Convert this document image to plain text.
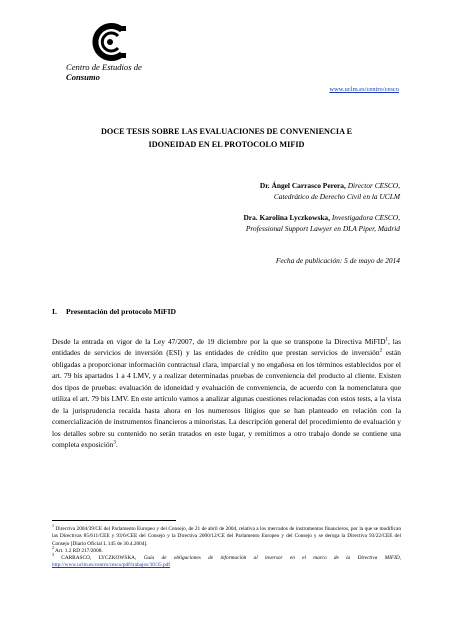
Centro de Estudios de
Consumo
www.uclm.es/centro/cesco
DOCE TESIS SOBRE LAS EVALUACIONES DE CONVENIENCIA E
IDONEIDAD EN EL PROTOCOLO MIFID
Dr. Ángel Carrasco Perera, Director CESCO,
Catedrático de Derecho Civil en la UCLM
Dra. Karolina Lyczkowska, Investigadora CESCO,
Professional Support Lawyer en DLA Piper, Madrid
Fecha de publicación: 5 de mayo de 2014
I. Presentación del protocolo MiFID
Desde la entrada en vigor de la Ley 47/2007, de 19 diciembre por la que se transpone la Directiva MiFID$^1$, las entidades de servicios de inversión (ESI) y las entidades de crédito que prestan servicios de inversión$^2$ están obligadas a proporcionar información contractual clara, imparcial y no engañosa en los términos establecidos por el art. 79 bis apartados 1 a 4 LMV, y a realizar determinadas pruebas de conveniencia del producto al cliente. Existen dos tipos de pruebas: evaluación de idoneidad y evaluación de conveniencia, de acuerdo con la nomenclatura que utiliza el art. 79 bis LMV. En este artículo vamos a analizar algunas cuestiones relacionadas con estos tests, a la vista de la jurisprudencia recaída hasta ahora en los numerosos litigios que se han planteado en relación con la comercialización de instrumentos financieros a minoristas. La descripción general del procedimiento de evaluación y los detalles sobre su contenido no serán tratados en este lugar, y remitimos a otro trabajo donde se contiene una completa exposición$^3$.

$^1$ Directiva 2004/39/CE del Parlamento Europeo y del Consejo, de 21 de abril de 2004, relativa a los mercados de instrumentos financieros, por la que se modifican las Directivas 85/611/CEE y 93/6/CEE del Consejo y la Directiva 2000/12/CE del Parlamento Europeo y del Consejo y se deroga la Directiva 93/22/CEE del Consejo [Diario Oficial L 145 de 30.4.2004].

$^2$ Art. 1.2 RD 217/2008.

$^3$ CARRASCO, LYCZKOWSKA, Guía de obligaciones de información al inversor en el marco de la Directiva MIFID, http://www.uclm.es/centro/cesco/pdf/trabajos/30/35.pdf
